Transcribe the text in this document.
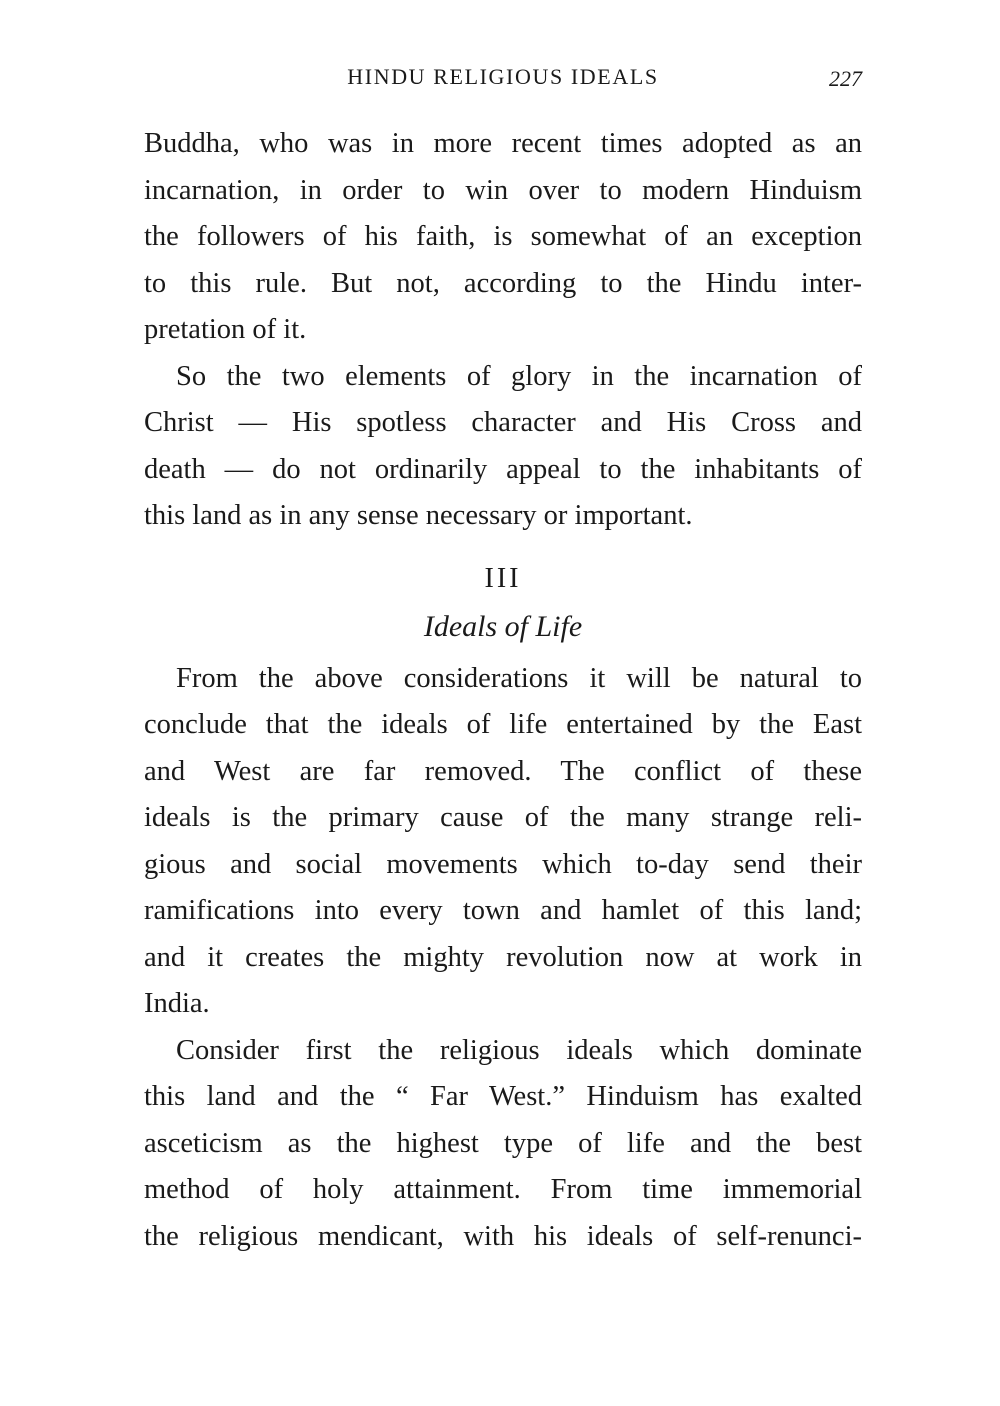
HINDU RELIGIOUS IDEALS	227

Buddha, who was in more recent times adopted as an
incarnation, in order to win over to modern Hinduism
the followers of his faith, is somewhat of an exception
to this rule. But not, according to the Hindu inter-
pretation of it.

So the two elements of glory in the incarnation of
Christ — His spotless character and His Cross and
death — do not ordinarily appeal to the inhabitants of
this land as in any sense necessary or important.

III
Ideals of Life

From the above considerations it will be natural to
conclude that the ideals of life entertained by the East
and West are far removed. The conflict of these
ideals is the primary cause of the many strange reli-
gious and social movements which to-day send their
ramifications into every town and hamlet of this land;
and it creates the mighty revolution now at work in
India.

Consider first the religious ideals which dominate
this land and the “ Far West.” Hinduism has exalted
asceticism as the highest type of life and the best
method of holy attainment. From time immemorial
the religious mendicant, with his ideals of self-renunci-
